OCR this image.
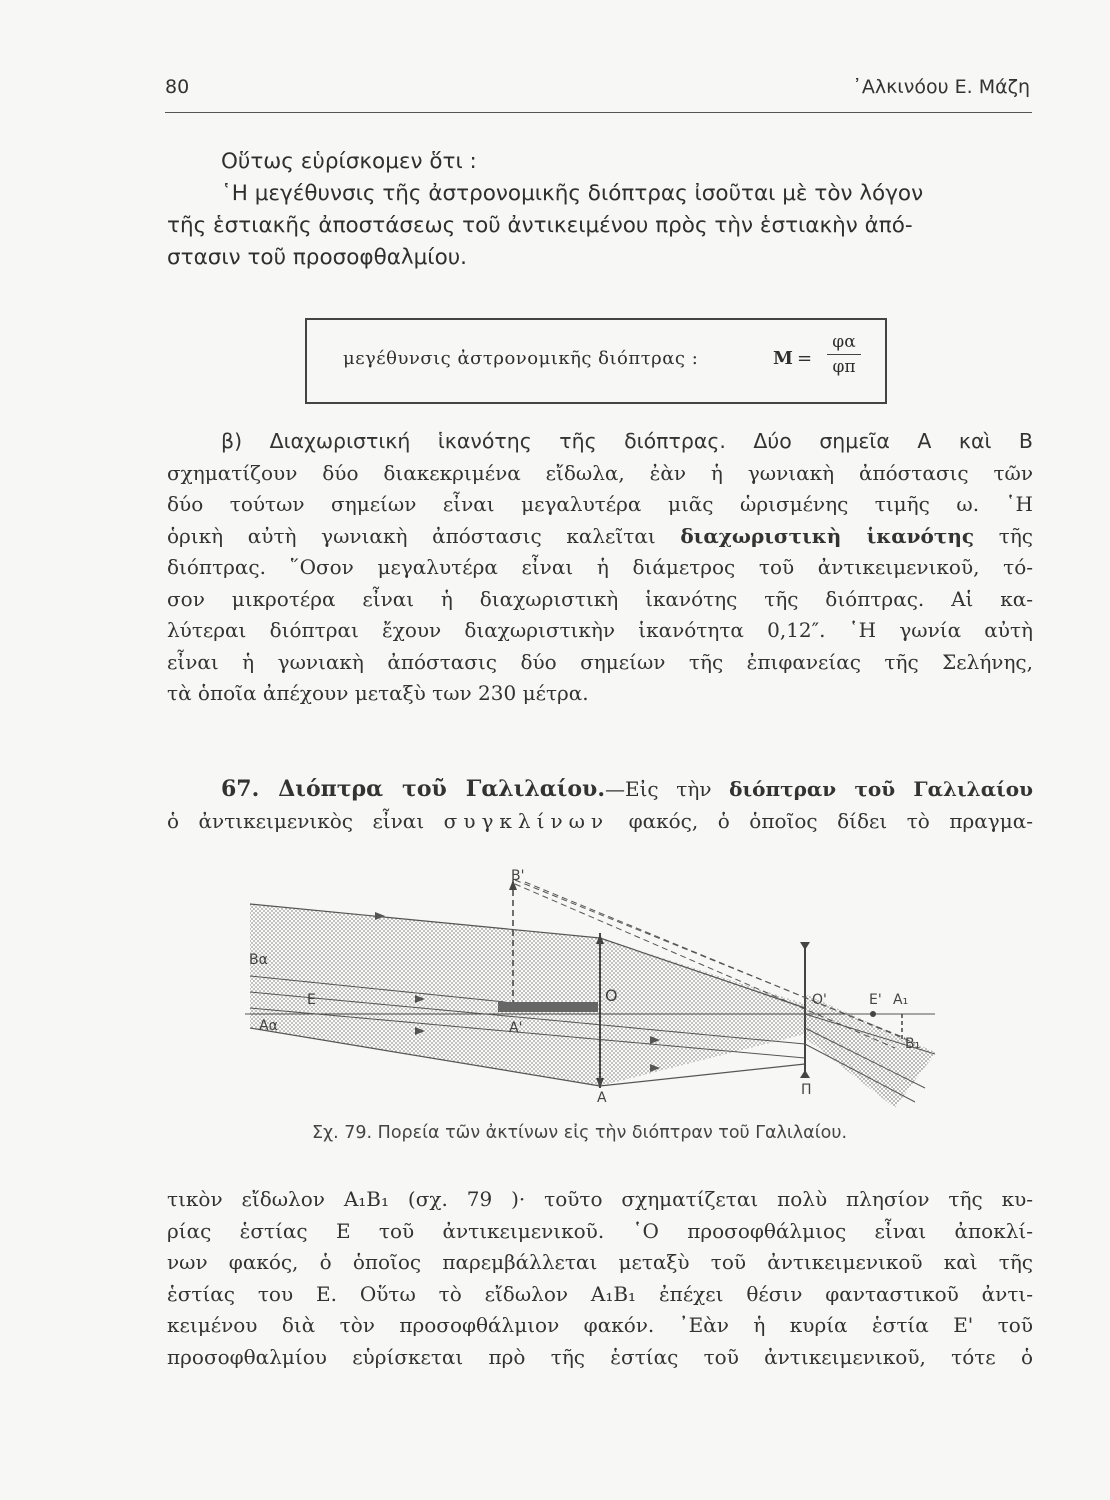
80	᾿Αλκινόου Ε. Μάζη
Οὕτως εὑρίσκομεν ὅτι :
῾Η μεγέθυνσις τῆς ἀστρονομικῆς διόπτρας ἰσοῦται μὲ τὸν λόγον
τῆς ἑστιακῆς ἀποστάσεως τοῦ ἀντικειμένου πρὸς τὴν ἑστιακὴν ἀπό-
στασιν τοῦ προσοφθαλμίου.
μεγέθυνσις ἀστρονομικῆς διόπτρας :	M =
φα
φπ
β) Διαχωριστική ἱκανότης τῆς διόπτρας. Δύο σημεῖα Α καὶ Β
σχηματίζουν δύο διακεκριμένα εἴδωλα, ἐὰν ἡ γωνιακὴ ἀπόστασις τῶν
δύο τούτων σημείων εἶναι μεγαλυτέρα μιᾶς ὡρισμένης τιμῆς ω. ῾Η
ὁρικὴ αὐτὴ γωνιακὴ ἀπόστασις καλεῖται διαχωριστικὴ ἱκανότης τῆς
διόπτρας. ῞Οσον μεγαλυτέρα εἶναι ἡ διάμετρος τοῦ ἀντικειμενικοῦ, τό-
σον μικροτέρα εἶναι ἡ διαχωριστικὴ ἱκανότης τῆς διόπτρας. Αἱ κα-
λύτεραι διόπτραι ἔχουν διαχωριστικὴν ἱκανότητα 0,12″. ῾Η γωνία αὐτὴ
εἶναι ἡ γωνιακὴ ἀπόστασις δύο σημείων τῆς ἐπιφανείας τῆς Σελήνης,
τὰ ὁποῖα ἀπέχουν μεταξὺ των 230 μέτρα.
67. Διόπτρα τοῦ Γαλιλαίου.—Εἰς τὴν διόπτραν τοῦ Γαλιλαίου
ὁ ἀντικειμενικὸς εἶναι συγκλίνων φακός, ὁ ὁποῖος δίδει τὸ πραγμα-
B'
Bα
E
Aα	A'
O
A
O'	E' A₁
B₁
Π
Σχ. 79. Πορεία τῶν ἀκτίνων εἰς τὴν διόπτραν τοῦ Γαλιλαίου.
τικὸν εἴδωλον A₁B₁ (σχ. 79 )· τοῦτο σχηματίζεται πολὺ πλησίον τῆς κυ-
ρίας ἑστίας Ε τοῦ ἀντικειμενικοῦ. ῾Ο προσοφθάλμιος εἶναι ἀποκλί-
νων φακός, ὁ ὁποῖος παρεμβάλλεται μεταξὺ τοῦ ἀντικειμενικοῦ καὶ τῆς
ἑστίας του Ε. Οὕτω τὸ εἴδωλον A₁B₁ ἐπέχει θέσιν φανταστικοῦ ἀντι-
κειμένου διὰ τὸν προσοφθάλμιον φακόν. ᾿Εὰν ἡ κυρία ἑστία Ε' τοῦ
προσοφθαλμίου εὑρίσκεται πρὸ τῆς ἑστίας τοῦ ἀντικειμενικοῦ, τότε ὁ
